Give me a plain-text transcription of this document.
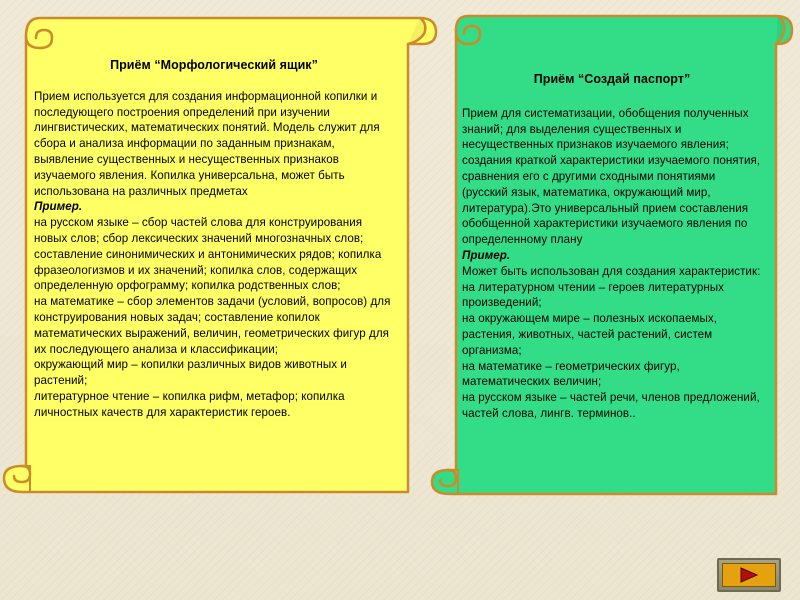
Приём “Морфологический ящик”

Прием используется для создания информационной копилки и последующего построения определений при изучении лингвистических, математических понятий. Модель служит для сбора и анализа информации по заданным признакам, выявление существенных и несущественных признаков изучаемого явления. Копилка универсальна, может быть использована на различных предметах

Пример.

на русском языке – сбор частей слова для конструирования новых слов; сбор лексических значений многозначных слов; составление синонимических и антонимических рядов; копилка фразеологизмов и их значений; копилка слов, содержащих определенную орфограмму; копилка родственных слов;

на математике – сбор элементов задачи (условий, вопросов) для конструирования новых задач; составление копилок математических выражений, величин, геометрических фигур для их последующего анализа и классификации;

окружающий мир – копилки различных видов животных и растений;

литературное чтение – копилка рифм, метафор; копилка личностных качеств для характеристик героев.

Приём “Создай паспорт”

Прием для систематизации, обобщения полученных знаний; для выделения существенных и несущественных признаков изучаемого явления; создания краткой характеристики изучаемого понятия, сравнения его с другими сходными понятиями (русский язык, математика, окружающий мир, литература).Это универсальный прием составления обобщенной характеристики изучаемого явления по определенному плану

Пример.

Может быть использован для создания характеристик:

на литературном чтении – героев литературных произведений;

на окружающем мире – полезных ископаемых, растения, животных, частей растений, систем организма;

на математике – геометрических фигур, математических величин;

на русском языке – частей речи, членов предложений, частей слова, лингв. терминов..
